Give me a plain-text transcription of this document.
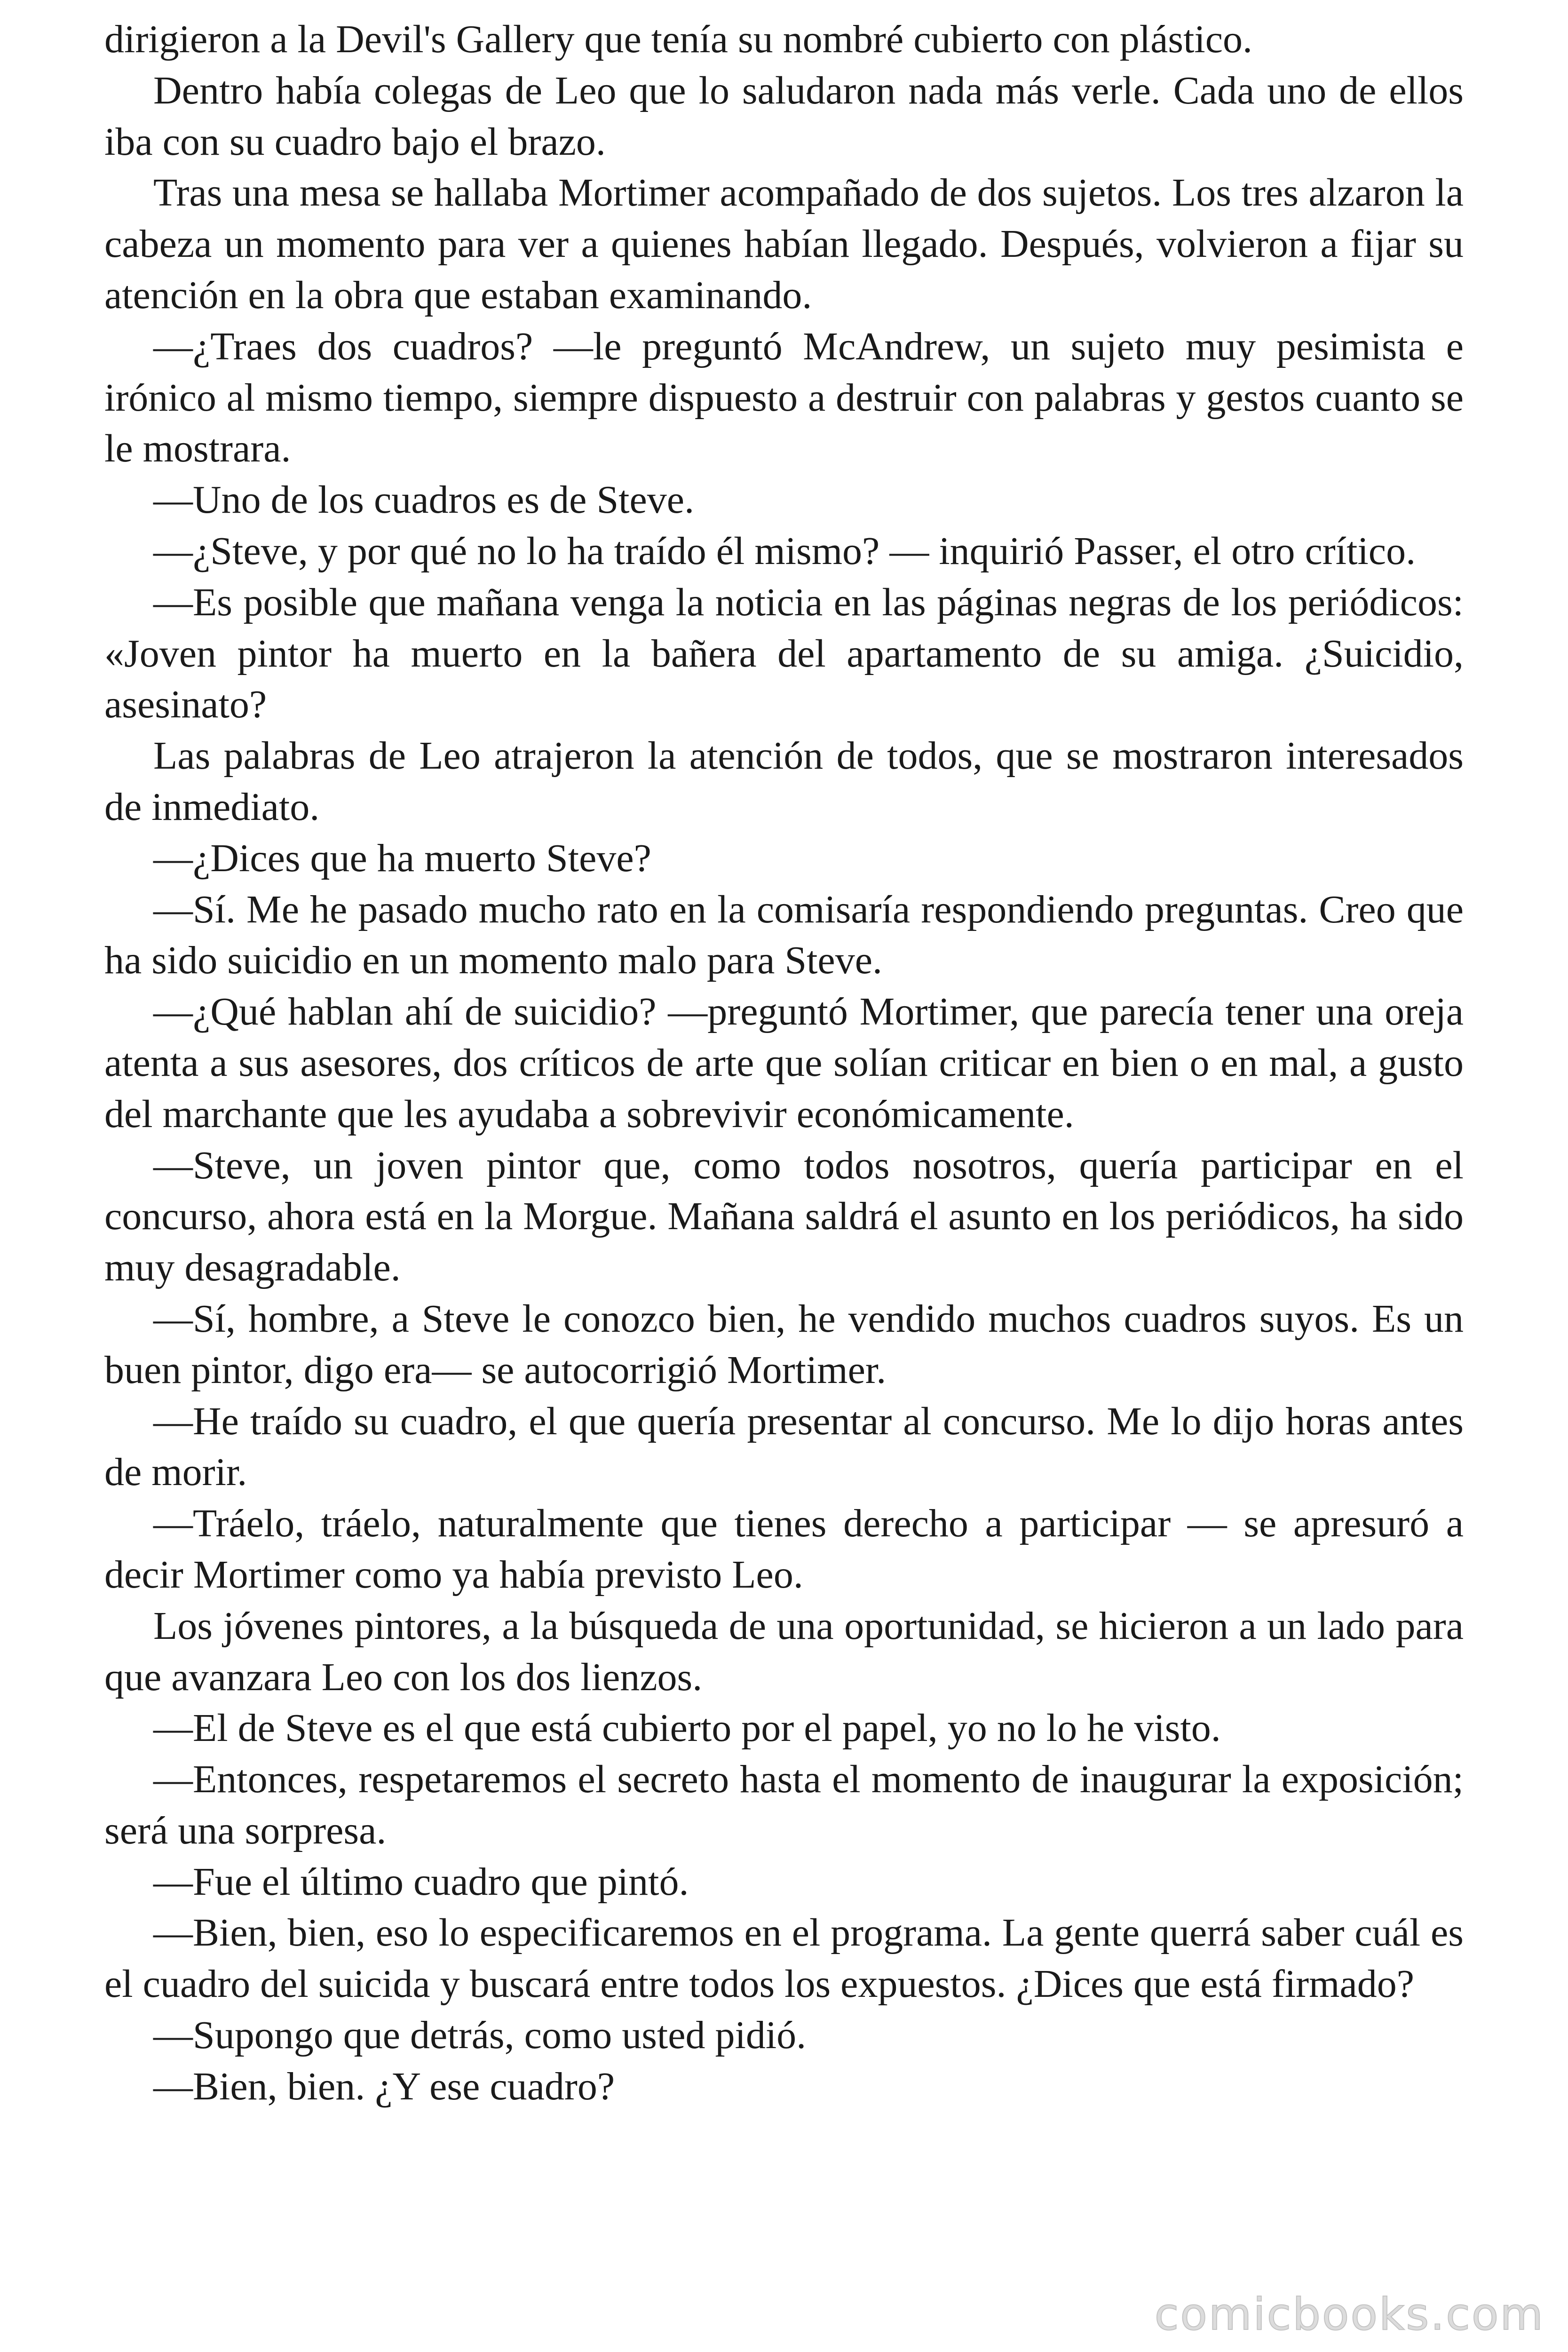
dirigieron a la Devil's Gallery que tenía su nombré cubierto con plástico.

Dentro había colegas de Leo que lo saludaron nada más verle. Cada uno de ellos iba con su cuadro bajo el brazo.

Tras una mesa se hallaba Mortimer acompañado de dos sujetos. Los tres alzaron la cabeza un momento para ver a quienes habían llegado. Después, volvieron a fijar su atención en la obra que estaban examinando.

—¿Traes dos cuadros? —le preguntó McAndrew, un sujeto muy pesimista e irónico al mismo tiempo, siempre dispuesto a destruir con palabras y gestos cuanto se le mostrara.

—Uno de los cuadros es de Steve.

—¿Steve, y por qué no lo ha traído él mismo? — inquirió Passer, el otro crítico.

—Es posible que mañana venga la noticia en las páginas negras de los periódicos: «Joven pintor ha muerto en la bañera del apartamento de su amiga. ¿Suicidio, asesinato?

Las palabras de Leo atrajeron la atención de todos, que se mostraron interesados de inmediato.

—¿Dices que ha muerto Steve?

—Sí. Me he pasado mucho rato en la comisaría respondiendo preguntas. Creo que ha sido suicidio en un momento malo para Steve.

—¿Qué hablan ahí de suicidio? —preguntó Mortimer, que parecía tener una oreja atenta a sus asesores, dos críticos de arte que solían criticar en bien o en mal, a gusto del marchante que les ayudaba a sobrevivir económicamente.

—Steve, un joven pintor que, como todos nosotros, quería participar en el concurso, ahora está en la Morgue. Mañana saldrá el asunto en los periódicos, ha sido muy desagradable.

—Sí, hombre, a Steve le conozco bien, he vendido muchos cuadros suyos. Es un buen pintor, digo era— se autocorrigió Mortimer.

—He traído su cuadro, el que quería presentar al concurso. Me lo dijo horas antes de morir.

—Tráelo, tráelo, naturalmente que tienes derecho a participar — se apresuró a decir Mortimer como ya había previsto Leo.

Los jóvenes pintores, a la búsqueda de una oportunidad, se hicieron a un lado para que avanzara Leo con los dos lienzos.

—El de Steve es el que está cubierto por el papel, yo no lo he visto.

—Entonces, respetaremos el secreto hasta el momento de inaugurar la exposición; será una sorpresa.

—Fue el último cuadro que pintó.

—Bien, bien, eso lo especificaremos en el programa. La gente querrá saber cuál es el cuadro del suicida y buscará entre todos los expuestos. ¿Dices que está firmado?

—Supongo que detrás, como usted pidió.

—Bien, bien. ¿Y ese cuadro?

comicbooks.com
